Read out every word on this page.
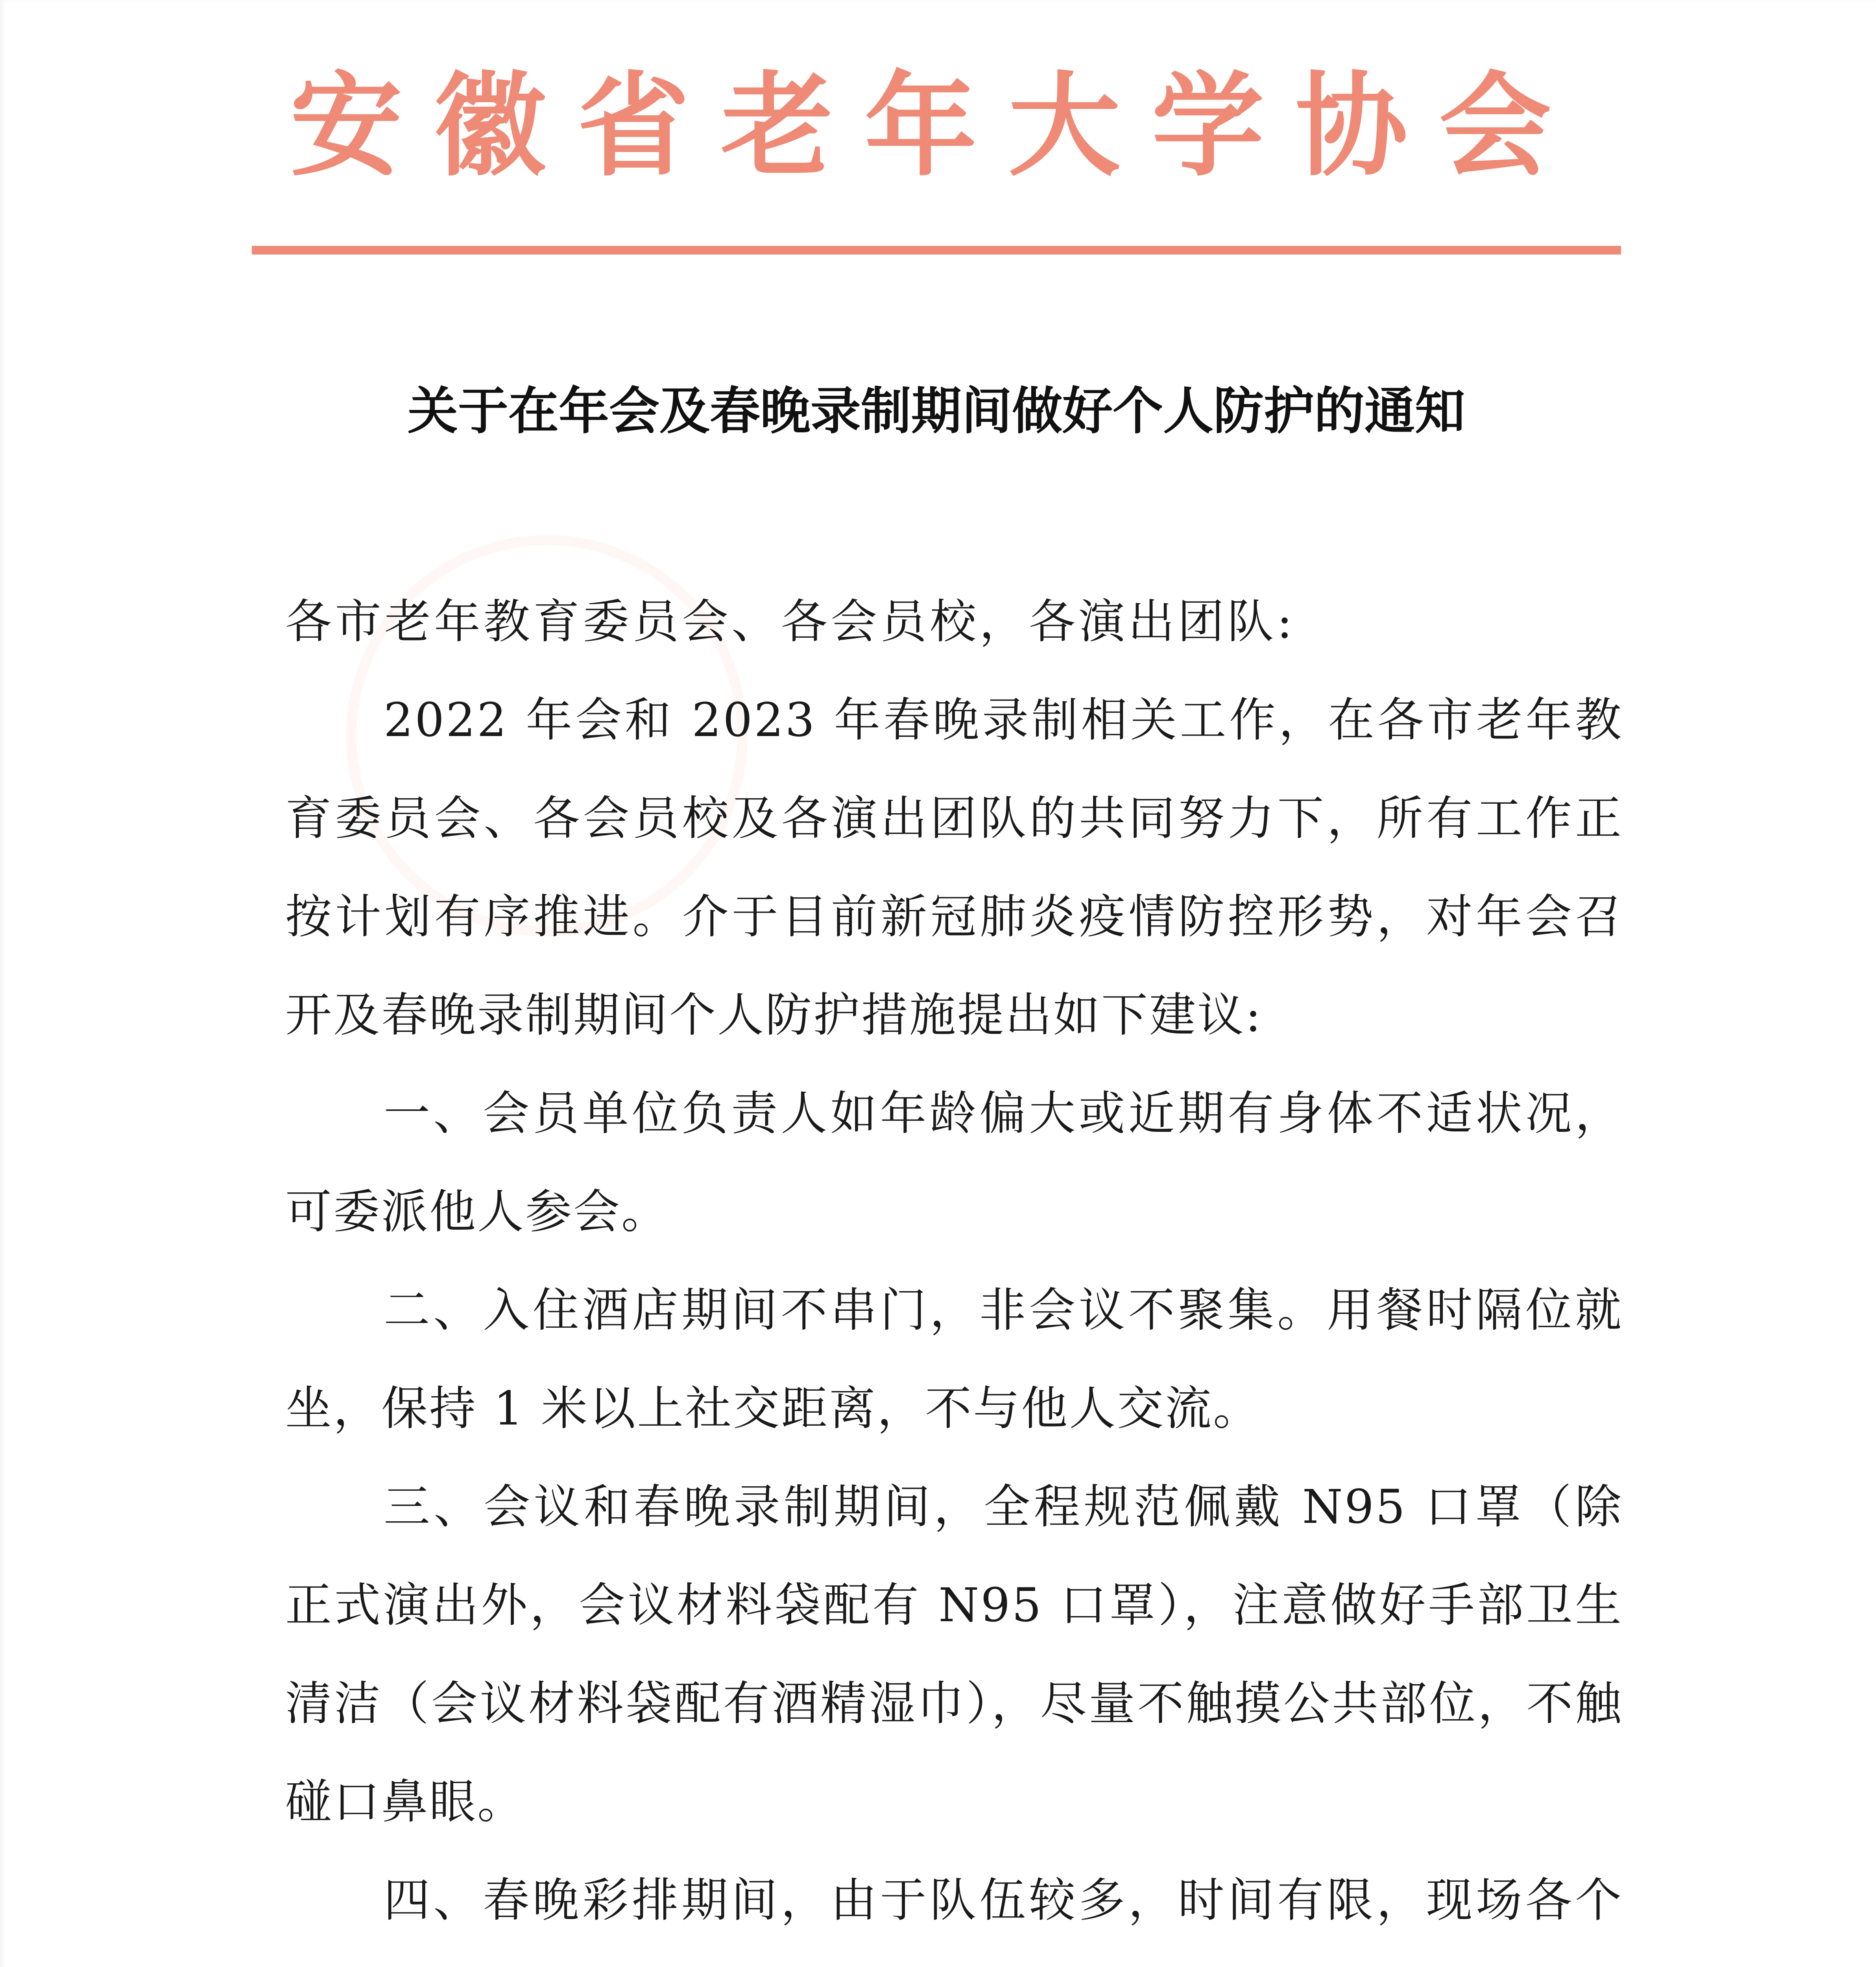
安徽省老年大学协会
关于在年会及春晚录制期间做好个人防护的通知

各市老年教育委员会、各会员校，各演出团队:

2022 年会和 2023 年春晚录制相关工作，在各市老年教育委员会、各会员校及各演出团队的共同努力下，所有工作正按计划有序推进。介于目前新冠肺炎疫情防控形势，对年会召开及春晚录制期间个人防护措施提出如下建议:

一、会员单位负责人如年龄偏大或近期有身体不适状况，可委派他人参会。

二、入住酒店期间不串门，非会议不聚集。用餐时隔位就坐，保持 1 米以上社交距离，不与他人交流。

三、会议和春晚录制期间，全程规范佩戴 N95 口罩（除正式演出外，会议材料袋配有 N95 口罩），注意做好手部卫生清洁（会议材料袋配有酒精湿巾），尽量不触摸公共部位，不触碰口鼻眼。

四、春晚彩排期间，由于队伍较多，时间有限，现场各个
